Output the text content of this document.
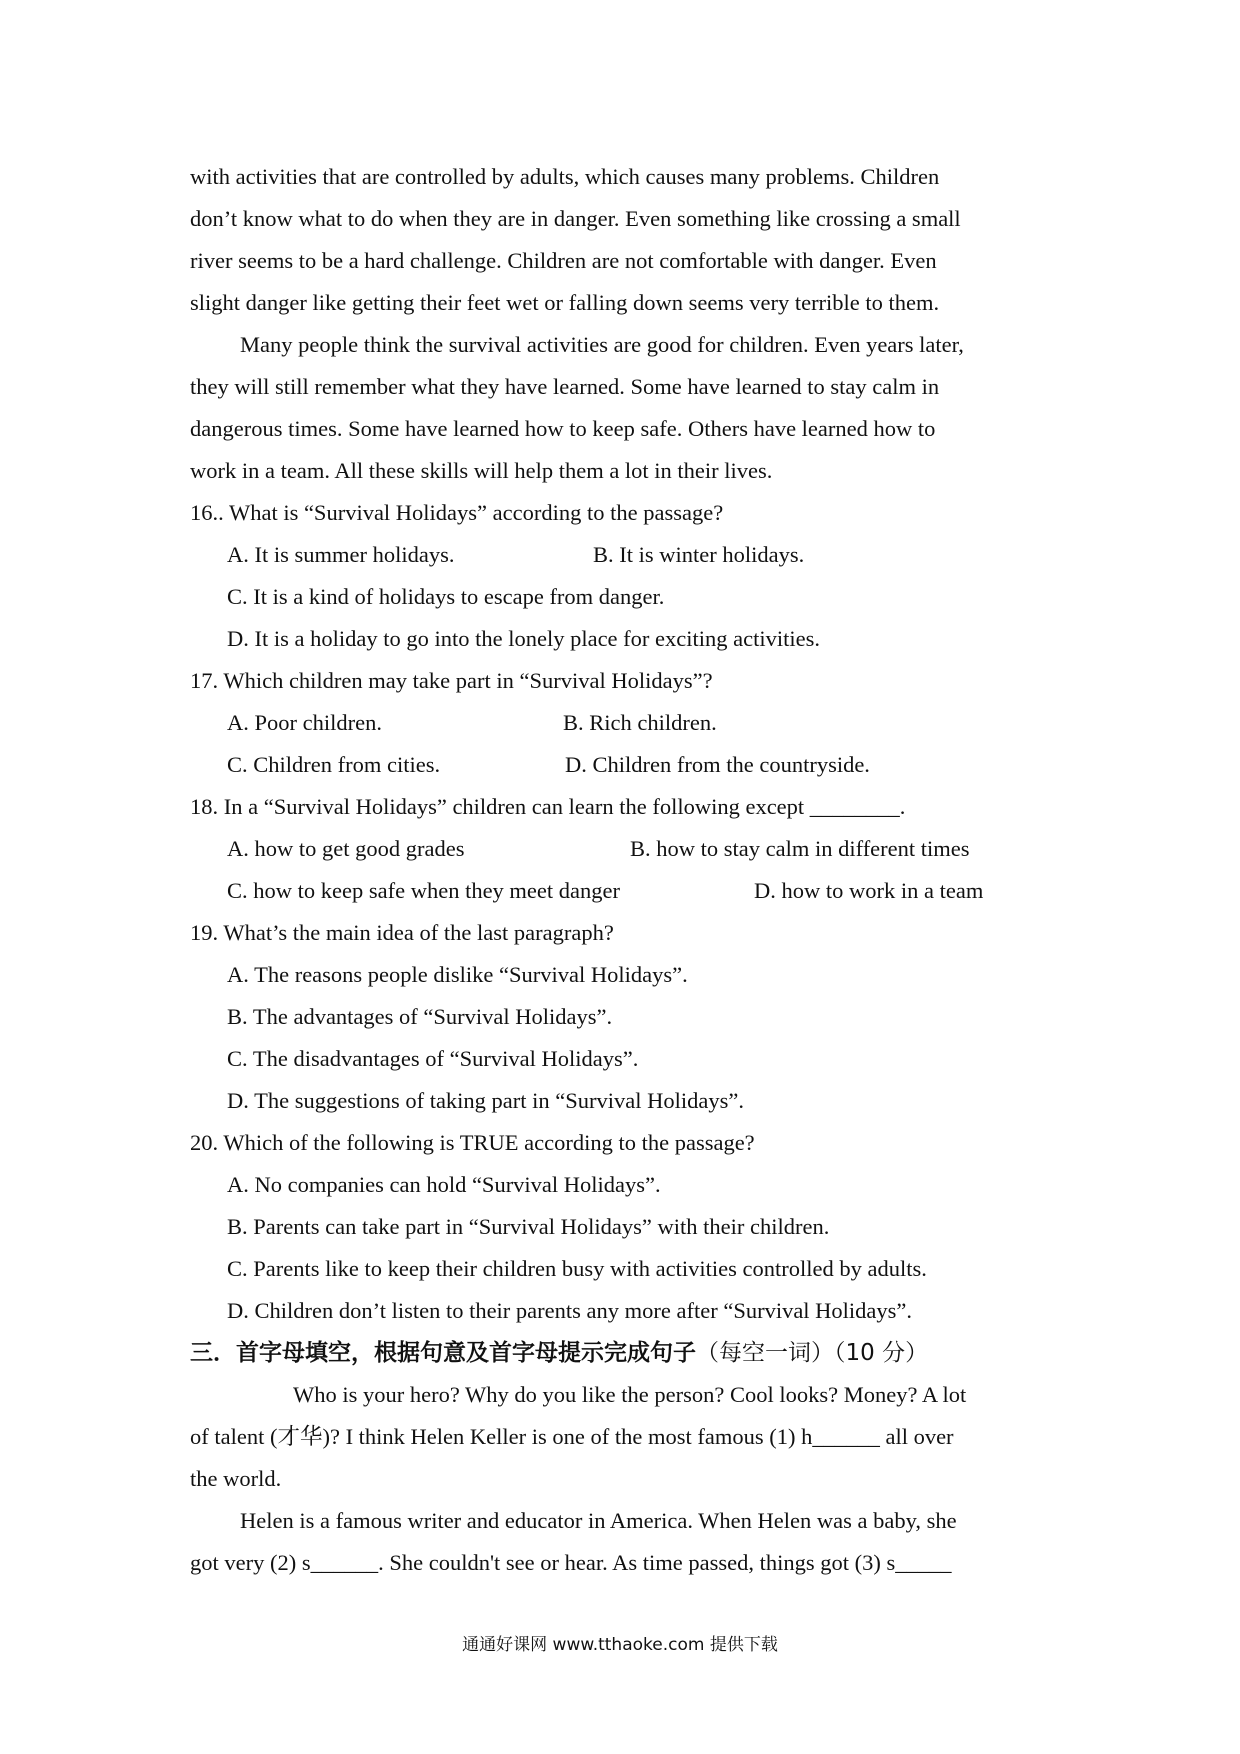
with activities that are controlled by adults, which causes many problems. Children

don’t know what to do when they are in danger. Even something like crossing a small

river seems to be a hard challenge. Children are not comfortable with danger. Even

slight danger like getting their feet wet or falling down seems very terrible to them.

Many people think the survival activities are good for children. Even years later,

they will still remember what they have learned. Some have learned to stay calm in

dangerous times. Some have learned how to keep safe. Others have learned how to

work in a team. All these skills will help them a lot in their lives.

16.. What is “Survival Holidays” according to the passage?

A. It is summer holidays.	B. It is winter holidays.

C. It is a kind of holidays to escape from danger.

D. It is a holiday to go into the lonely place for exciting activities.

17. Which children may take part in “Survival Holidays”?

A. Poor children.	B. Rich children.

C. Children from cities.	D. Children from the countryside.

18. In a “Survival Holidays” children can learn the following except ________.

A. how to get good grades	B. how to stay calm in different times

C. how to keep safe when they meet danger	D. how to work in a team

19. What’s the main idea of the last paragraph?

A. The reasons people dislike “Survival Holidays”.

B. The advantages of “Survival Holidays”.

C. The disadvantages of “Survival Holidays”.

D. The suggestions of taking part in “Survival Holidays”.

20. Which of the following is TRUE according to the passage?

A. No companies can hold “Survival Holidays”.

B. Parents can take part in “Survival Holidays” with their children.

C. Parents like to keep their children busy with activities controlled by adults.

D. Children don’t listen to their parents any more after “Survival Holidays”.

三．首字母填空，根据句意及首字母提示完成句子（每空一词）（10 分）

Who is your hero? Why do you like the person? Cool looks? Money? A lot

of talent (才华)? I think Helen Keller is one of the most famous (1) h______ all over

the world.

Helen is a famous writer and educator in America. When Helen was a baby, she

got very (2) s______. She couldn't see or hear. As time passed, things got (3) s_____

通通好课网 www.tthaoke.com 提供下载
